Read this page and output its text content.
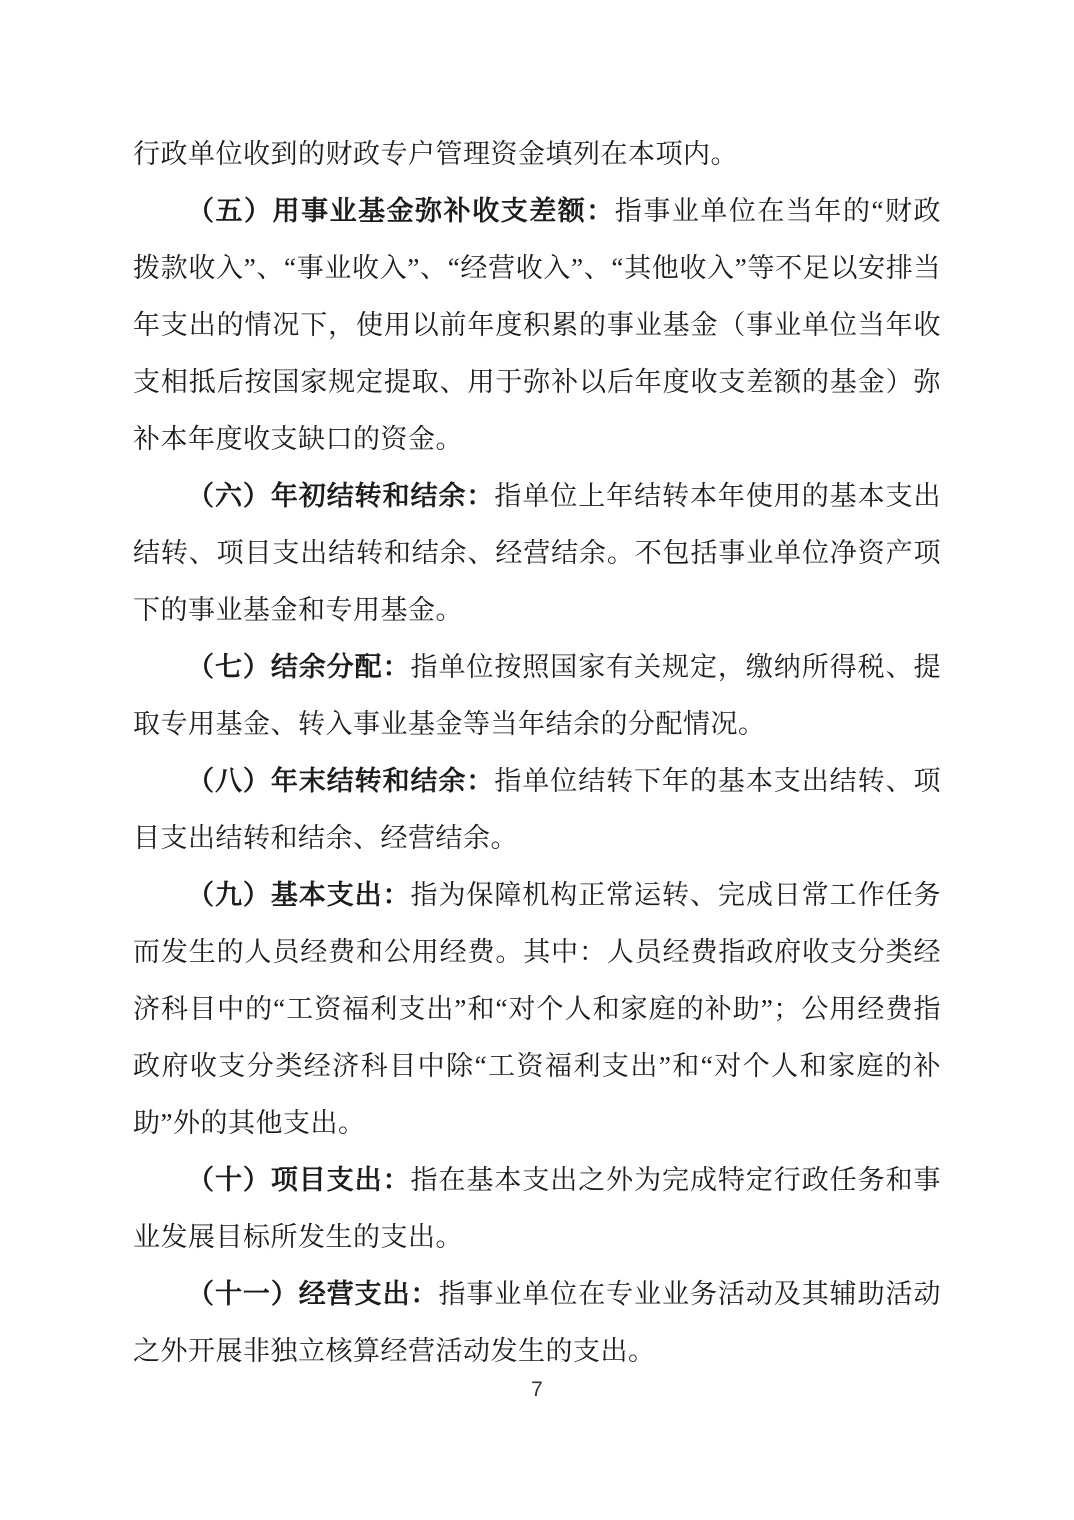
行政单位收到的财政专户管理资金填列在本项内。

（五）用事业基金弥补收支差额：指事业单位在当年的“财政拨款收入”、“事业收入”、“经营收入”、“其他收入”等不足以安排当年支出的情况下，使用以前年度积累的事业基金（事业单位当年收支相抵后按国家规定提取、用于弥补以后年度收支差额的基金）弥补本年度收支缺口的资金。

（六）年初结转和结余：指单位上年结转本年使用的基本支出结转、项目支出结转和结余、经营结余。不包括事业单位净资产项下的事业基金和专用基金。

（七）结余分配：指单位按照国家有关规定，缴纳所得税、提取专用基金、转入事业基金等当年结余的分配情况。

（八）年末结转和结余：指单位结转下年的基本支出结转、项目支出结转和结余、经营结余。

（九）基本支出：指为保障机构正常运转、完成日常工作任务而发生的人员经费和公用经费。其中：人员经费指政府收支分类经济科目中的“工资福利支出”和“对个人和家庭的补助”；公用经费指政府收支分类经济科目中除“工资福利支出”和“对个人和家庭的补助”外的其他支出。

（十）项目支出：指在基本支出之外为完成特定行政任务和事业发展目标所发生的支出。

（十一）经营支出：指事业单位在专业业务活动及其辅助活动之外开展非独立核算经营活动发生的支出。

7
